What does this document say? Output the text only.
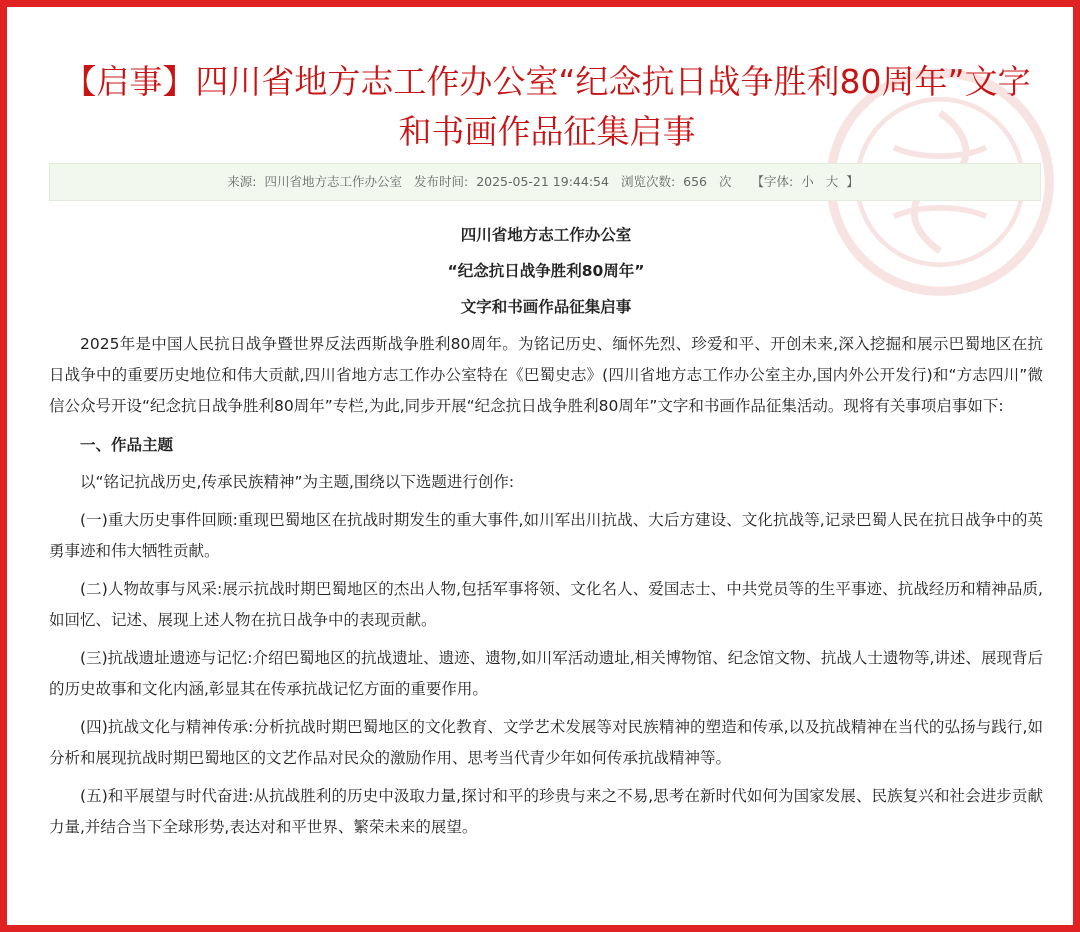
【启事】四川省地方志工作办公室“纪念抗日战争胜利80周年”文字和书画作品征集启事
来源: 四川省地方志工作办公室 发布时间: 2025-05-21 19:44:54 浏览次数: 656 次 【字体: 小 大 】

四川省地方志工作办公室

“纪念抗日战争胜利80周年”

文字和书画作品征集启事

2025年是中国人民抗日战争暨世界反法西斯战争胜利80周年。为铭记历史、缅怀先烈、珍爱和平、开创未来,深入挖掘和展示巴蜀地区在抗日战争中的重要历史地位和伟大贡献,四川省地方志工作办公室特在《巴蜀史志》(四川省地方志工作办公室主办,国内外公开发行)和“方志四川”微信公众号开设“纪念抗日战争胜利80周年”专栏,为此,同步开展“纪念抗日战争胜利80周年”文字和书画作品征集活动。现将有关事项启事如下:

一、作品主题

以“铭记抗战历史,传承民族精神”为主题,围绕以下选题进行创作:

(一)重大历史事件回顾:重现巴蜀地区在抗战时期发生的重大事件,如川军出川抗战、大后方建设、文化抗战等,记录巴蜀人民在抗日战争中的英勇事迹和伟大牺牲贡献。

(二)人物故事与风采:展示抗战时期巴蜀地区的杰出人物,包括军事将领、文化名人、爱国志士、中共党员等的生平事迹、抗战经历和精神品质,如回忆、记述、展现上述人物在抗日战争中的表现贡献。

(三)抗战遗址遗迹与记忆:介绍巴蜀地区的抗战遗址、遗迹、遗物,如川军活动遗址,相关博物馆、纪念馆文物、抗战人士遗物等,讲述、展现背后的历史故事和文化内涵,彰显其在传承抗战记忆方面的重要作用。

(四)抗战文化与精神传承:分析抗战时期巴蜀地区的文化教育、文学艺术发展等对民族精神的塑造和传承,以及抗战精神在当代的弘扬与践行,如分析和展现抗战时期巴蜀地区的文艺作品对民众的激励作用、思考当代青少年如何传承抗战精神等。

(五)和平展望与时代奋进:从抗战胜利的历史中汲取力量,探讨和平的珍贵与来之不易,思考在新时代如何为国家发展、民族复兴和社会进步贡献力量,并结合当下全球形势,表达对和平世界、繁荣未来的展望。
